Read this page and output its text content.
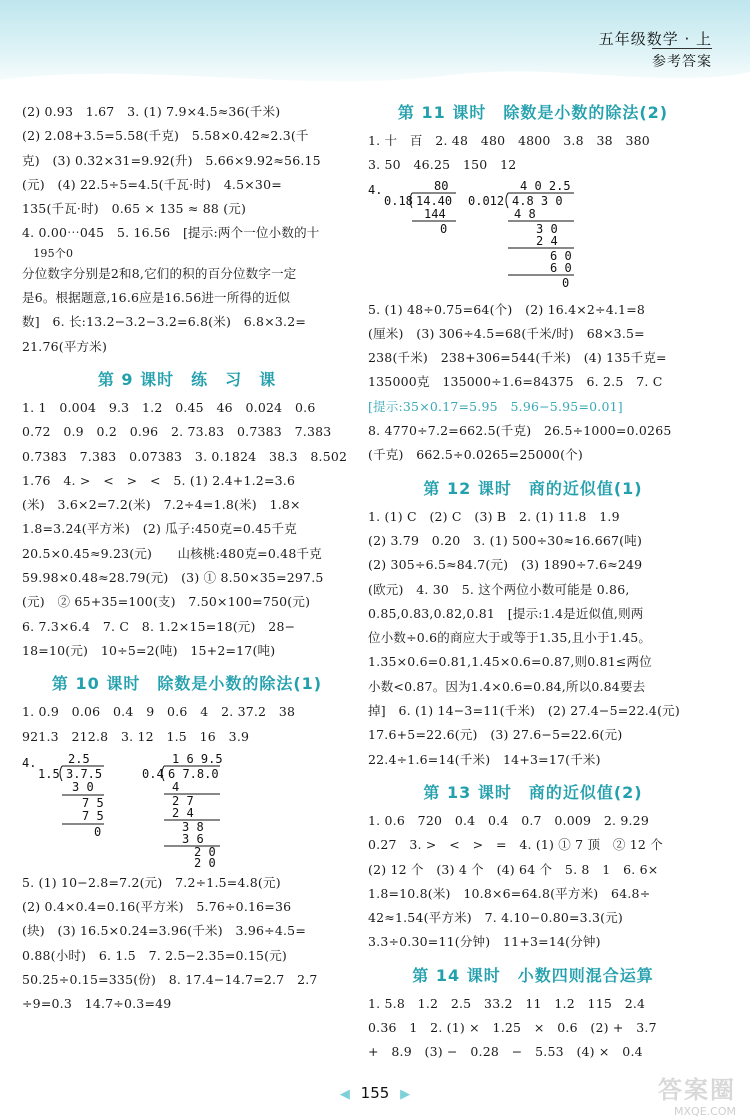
五年级数学 · 上
参考答案
(2) 0.93　1.67　3. (1) 7.9×4.5≈36(千米)
(2) 2.08+3.5=5.58(千克)　5.58×0.42≈2.3(千
克)　(3) 0.32×31=9.92(升)　5.66×9.92≈56.15
(元)　(4) 22.5÷5=4.5(千瓦·时)　4.5×30=
135(千瓦·时)　0.65 × 135 ≈ 88 (元)
4. 0.00⋯045　5. 16.56　[提示:两个一位小数的十
　195个0
分位数字分别是2和8,它们的积的百分位数字一定
是6。根据题意,16.6应是16.56进一所得的近似
数]　6. 长:13.2−3.2−3.2=6.8(米)　6.8×3.2=
21.76(平方米)
第 9 课时　练　习　课
1. 1　0.004　9.3　1.2　0.45　46　0.024　0.6
0.72　0.9　0.2　0.96　2. 73.83　0.7383　7.383
0.7383　7.383　0.07383　3. 0.1824　38.3　8.502
1.76　4. >　<　>　<　5. (1) 2.4+1.2=3.6
(米)　3.6×2=7.2(米)　7.2÷4=1.8(米)　1.8×
1.8=3.24(平方米)　(2) 瓜子:450克=0.45千克
20.5×0.45≈9.23(元)　　山核桃:480克=0.48千克
59.98×0.48≈28.79(元)　(3) ① 8.50×35=297.5
(元)　② 65+35=100(支)　7.50×100=750(元)
6. 7.3×6.4　7. C　8. 1.2×15=18(元)　28−
18=10(元)　10÷5=2(吨)　15+2=17(吨)
第 10 课时　除数是小数的除法(1)
1. 0.9　0.06　0.4　9　0.6　4　2. 37.2　38
921.3　212.8　3. 12　1.5　16　3.9
4.	2.5
1.5 3.7.5
3 0
7 5
7 5
0
1 6 9.5
0.4 6 7.8.0
4
2 7
2 4
3 8
3 6
2 0
2 0
5. (1) 10−2.8=7.2(元)　7.2÷1.5=4.8(元)
(2) 0.4×0.4=0.16(平方米)　5.76÷0.16=36
(块)　(3) 16.5×0.24=3.96(千米)　3.96÷4.5=
0.88(小时)　6. 1.5　7. 2.5−2.35=0.15(元)
50.25÷0.15=335(份)　8. 17.4−14.7=2.7　2.7
÷9=0.3　14.7÷0.3=49
第 11 课时　除数是小数的除法(2)
1. 十　百　2. 48　480　4800　3.8　38　380
3. 50　46.25　150　12
4.	80
0.18 14.40
144
0
4 0 2.5
0.012 4.8 3 0
4 8
3 0
2 4
6 0
6 0
0
5. (1) 48÷0.75=64(个)　(2) 16.4×2÷4.1=8
(厘米)　(3) 306÷4.5=68(千米/时)　68×3.5=
238(千米)　238+306=544(千米)　(4) 135千克=
135000克　135000÷1.6=84375　6. 2.5　7. C
[提示:35×0.17=5.95　5.96−5.95=0.01]
8. 4770÷7.2=662.5(千克)　26.5÷1000=0.0265
(千克)　662.5÷0.0265=25000(个)
第 12 课时　商的近似值(1)
1. (1) C　(2) C　(3) B　2. (1) 11.8　1.9
(2) 3.79　0.20　3. (1) 500÷30≈16.667(吨)
(2) 305÷6.5≈84.7(元)　(3) 1890÷7.6≈249
(欧元)　4. 30　5. 这个两位小数可能是 0.86,
0.85,0.83,0.82,0.81　[提示:1.4是近似值,则两
位小数÷0.6的商应大于或等于1.35,且小于1.45。
1.35×0.6=0.81,1.45×0.6=0.87,则0.81≤两位
小数<0.87。因为1.4×0.6=0.84,所以0.84要去
掉]　6. (1) 14−3=11(千米)　(2) 27.4−5=22.4(元)
17.6+5=22.6(元)　(3) 27.6−5=22.6(元)
22.4÷1.6=14(千米)　14+3=17(千米)
第 13 课时　商的近似值(2)
1. 0.6　720　0.4　0.4　0.7　0.009　2. 9.29
0.27　3. >　<　>　=　4. (1) ① 7 顶　② 12 个
(2) 12 个　(3) 4 个　(4) 64 个　5. 8　1　6. 6×
1.8=10.8(米)　10.8×6=64.8(平方米)　64.8÷
42≈1.54(平方米)　7. 4.10−0.80=3.3(元)
3.3÷0.30=11(分钟)　11+3=14(分钟)
第 14 课时　小数四则混合运算
1. 5.8　1.2　2.5　33.2　11　1.2　115　2.4
0.36　1　2. (1) ×　1.25　×　0.6　(2) +　3.7
+　8.9　(3) −　0.28　−　5.53　(4) ×　0.4
◀ 155 ▶	答案圈
MXQE.COM
